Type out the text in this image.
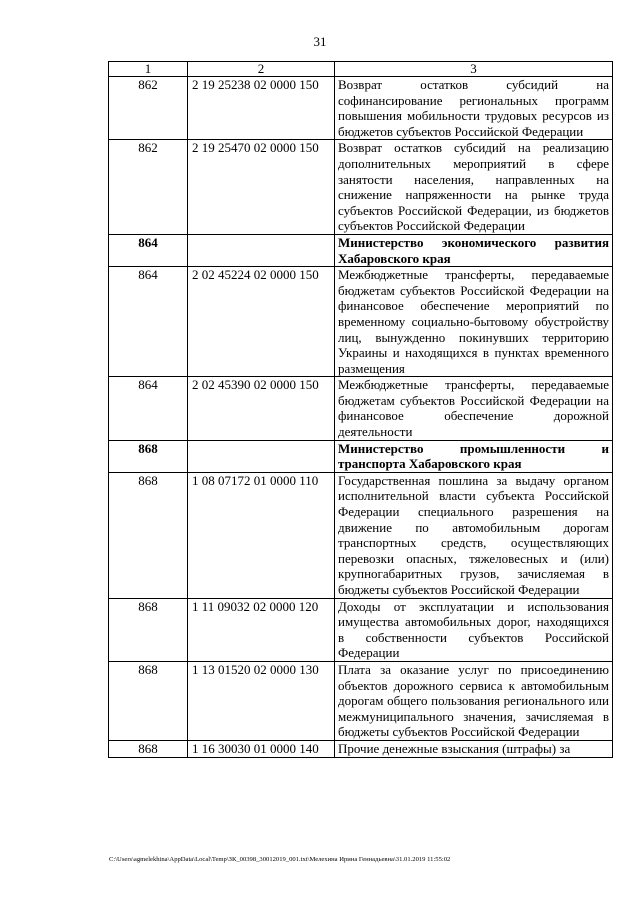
31
1	2	3
862	2 19 25238 02 0000 150	Возврат остатков субсидий на софинансирование региональных программ повышения мобильности трудовых ресурсов из бюджетов субъектов Российской Федерации
862	2 19 25470 02 0000 150	Возврат остатков субсидий на реализацию дополнительных мероприятий в сфере занятости населения, направленных на снижение напряженности на рынке труда субъектов Российской Федерации, из бюджетов субъектов Российской Федерации
864		Министерство экономического развития Хабаровского края
864	2 02 45224 02 0000 150	Межбюджетные трансферты, передаваемые бюджетам субъектов Российской Федерации на финансовое обеспечение мероприятий по временному социально-бытовому обустройству лиц, вынужденно покинувших территорию Украины и находящихся в пунктах временного размещения
864	2 02 45390 02 0000 150	Межбюджетные трансферты, передаваемые бюджетам субъектов Российской Федерации на финансовое обеспечение дорожной деятельности
868		Министерство промышленности и транспорта Хабаровского края
868	1 08 07172 01 0000 110	Государственная пошлина за выдачу органом исполнительной власти субъекта Российской Федерации специального разрешения на движение по автомобильным дорогам транспортных средств, осуществляющих перевозки опасных, тяжеловесных и (или) крупногабаритных грузов, зачисляемая в бюджеты субъектов Российской Федерации
868	1 11 09032 02 0000 120	Доходы от эксплуатации и использования имущества автомобильных дорог, находящихся в собственности субъектов Российской Федерации
868	1 13 01520 02 0000 130	Плата за оказание услуг по присоединению объектов дорожного сервиса к автомобильным дорогам общего пользования регионального или межмуниципального значения, зачисляемая в бюджеты субъектов Российской Федерации
868	1 16 30030 01 0000 140	Прочие денежные взыскания (штрафы) за
C:\Users\agmelekhina\AppData\Local\Temp\ЗК_00398_30012019_001.txt\Мелехина Ирина Геннадьевна\31.01.2019 11:55:02
